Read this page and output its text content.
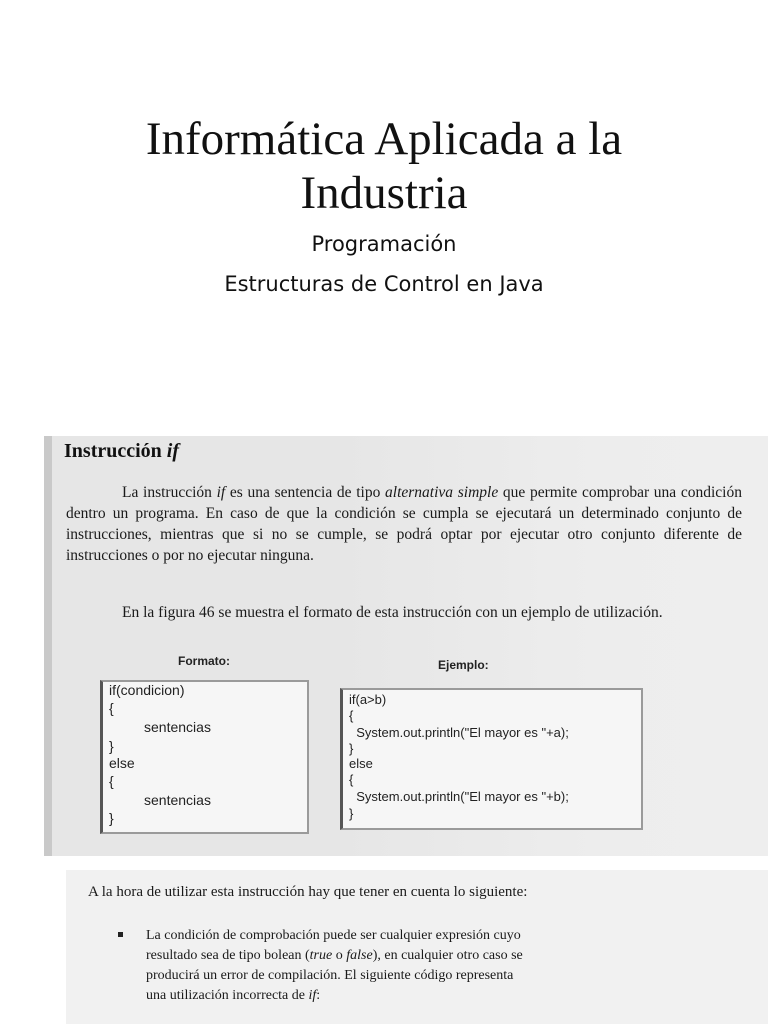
Informática Aplicada a la
Industria
Programación
Estructuras de Control en Java
Instrucción if
La instrucción if es una sentencia de tipo alternativa simple que permite comprobar una condición dentro un programa. En caso de que la condición se cumpla se ejecutará un determinado conjunto de instrucciones, mientras que si no se cumple, se podrá optar por ejecutar otro conjunto diferente de instrucciones o por no ejecutar ninguna.
En la figura 46 se muestra el formato de esta instrucción con un ejemplo de utilización.
Formato:	Ejemplo:
if(condicion)
{
sentencias
}
else
{
sentencias
}
if(a>b)
{
System.out.println("El mayor es "+a);
}
else
{
System.out.println("El mayor es "+b);
}
A la hora de utilizar esta instrucción hay que tener en cuenta lo siguiente:
La condición de comprobación puede ser cualquier expresión cuyo
resultado sea de tipo bolean (true o false), en cualquier otro caso se
producirá un error de compilación. El siguiente código representa
una utilización incorrecta de if:
